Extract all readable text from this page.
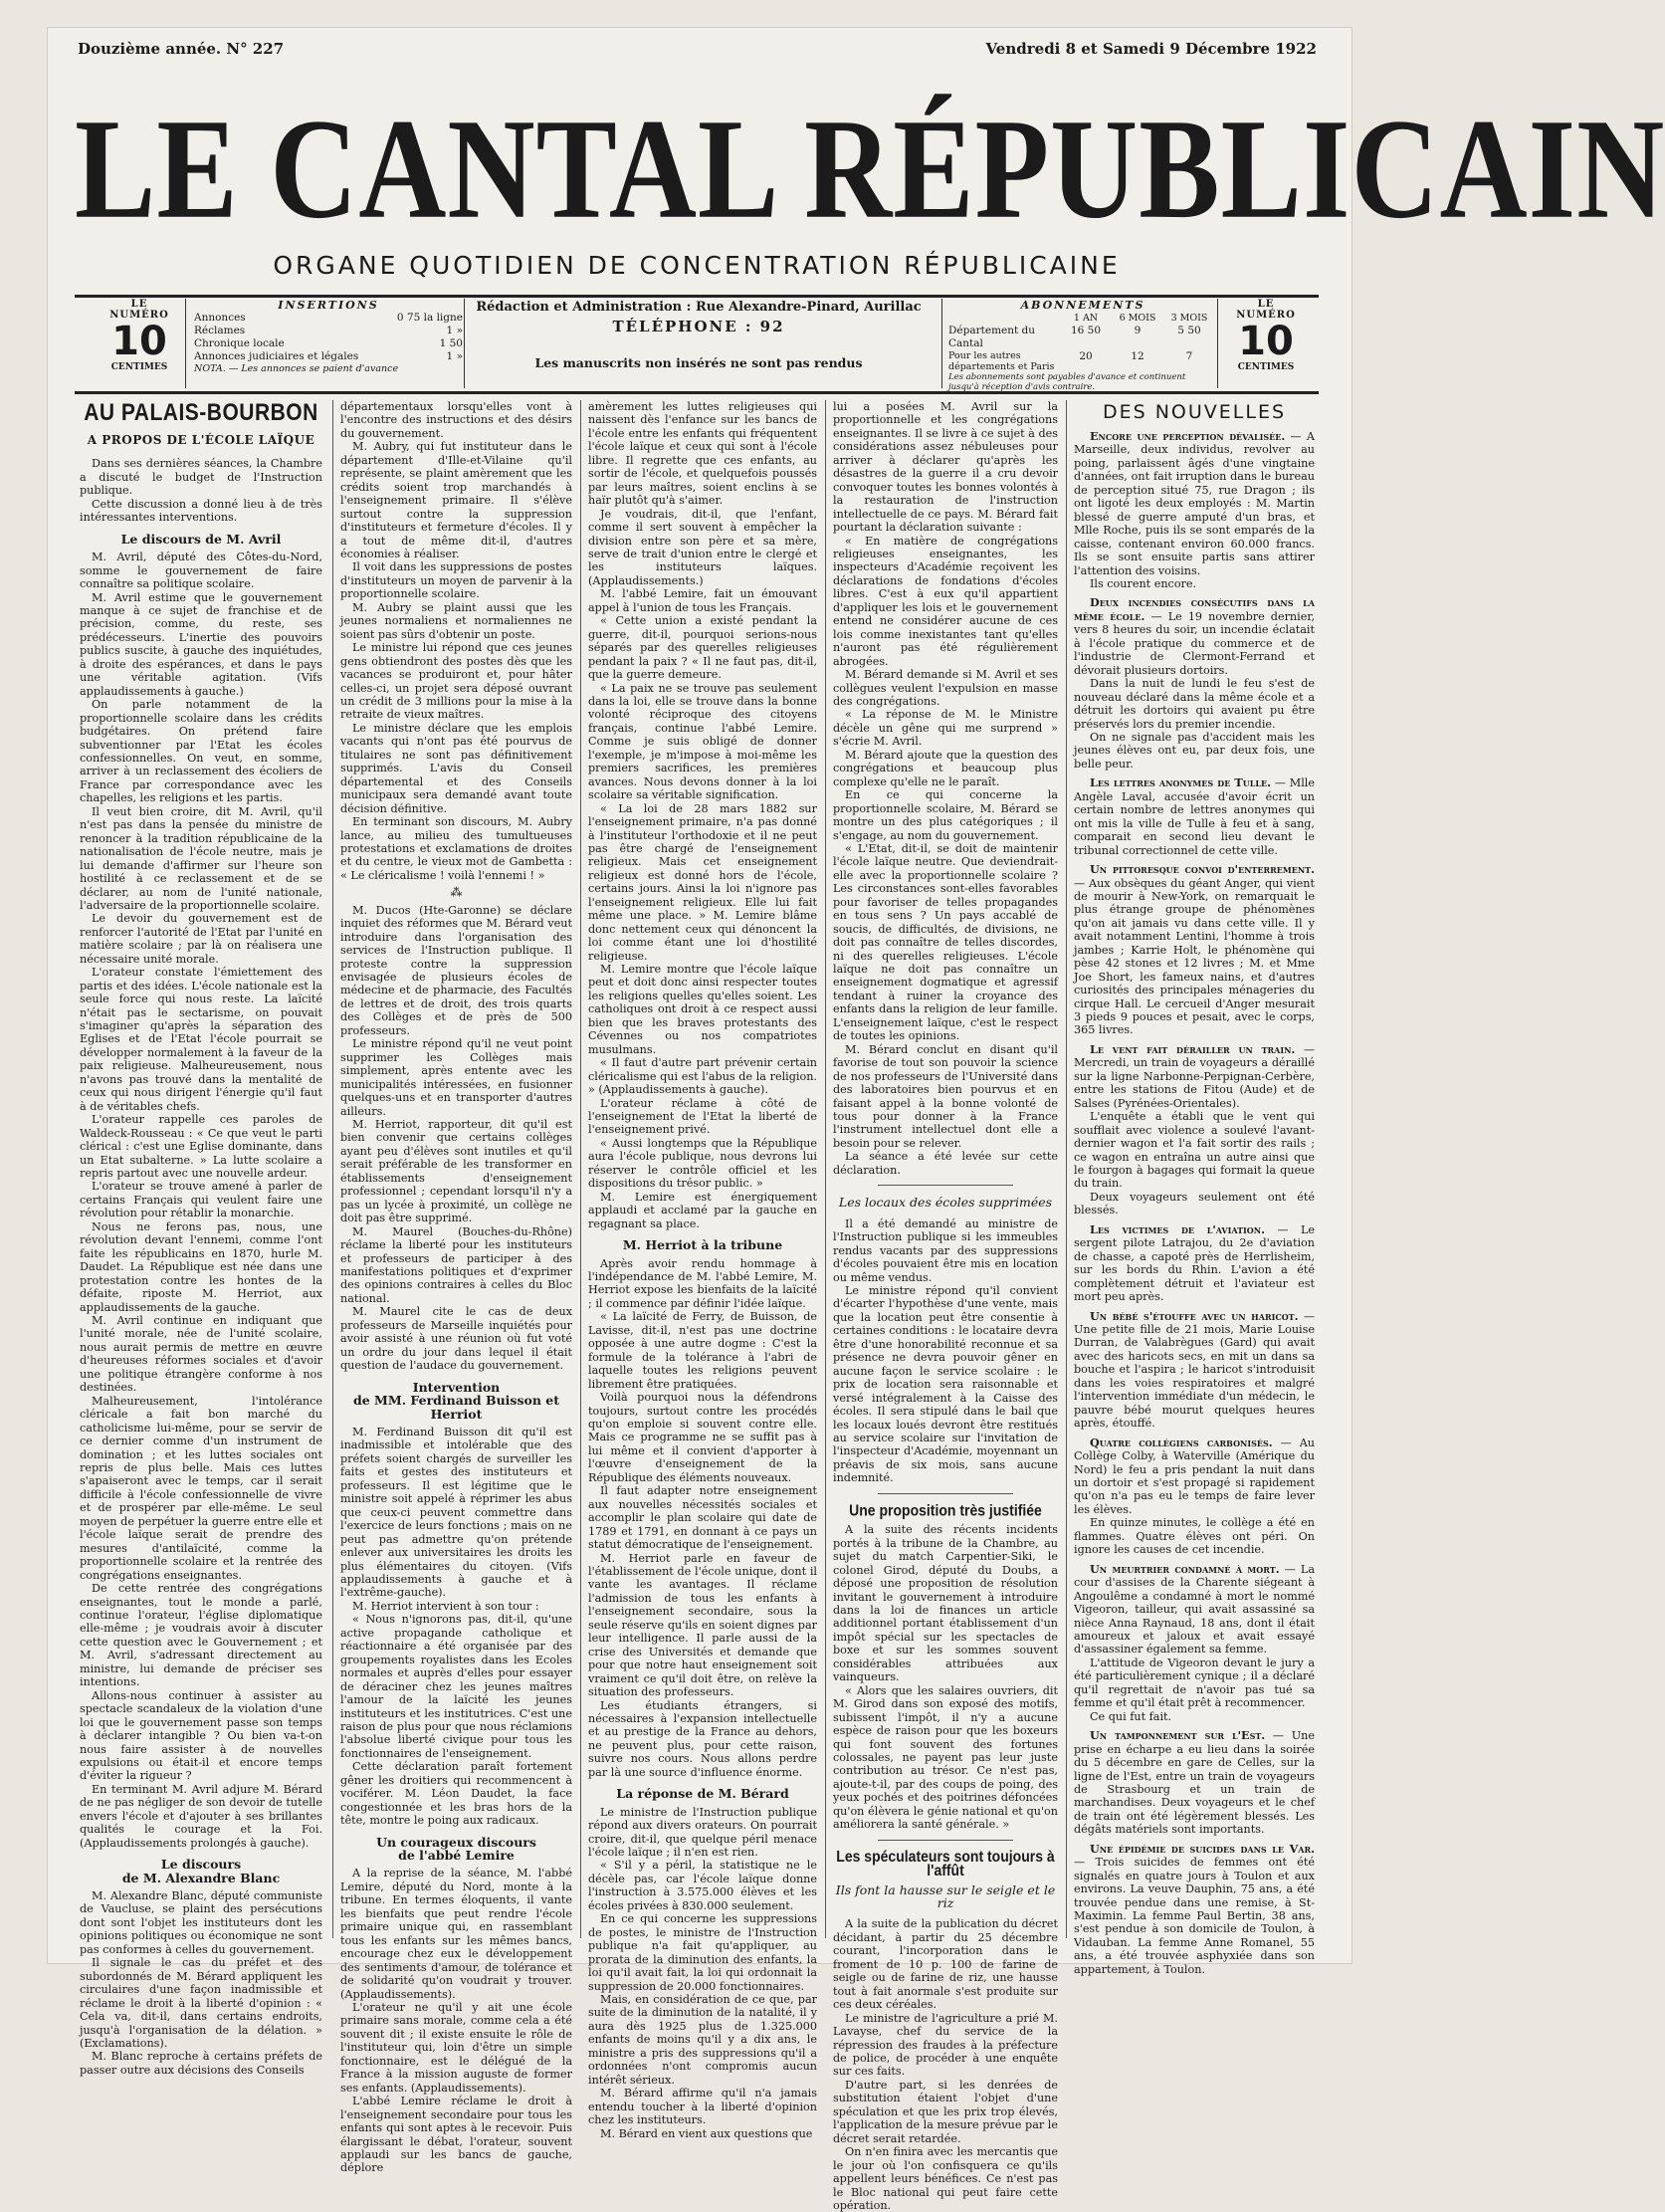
Douzième année. N° 227	Vendredi 8 et Samedi 9 Décembre 1922
LE CANTAL RÉPUBLICAIN
ORGANE QUOTIDIEN DE CONCENTRATION RÉPUBLICAINE
LE NUMÉRO
10
CENTIMES
INSERTIONS
Annonces	0 75 la ligne
Réclames	1 »
Chronique locale	1 50
Annonces judiciaires et légales	1 »
NOTA. — Les annonces se paient d'avance
Rédaction et Administration : Rue Alexandre-Pinard, Aurillac
TÉLÉPHONE : 92
Les manuscrits non insérés ne sont pas rendus
ABONNEMENTS
1 AN	6 MOIS	3 MOIS
Département du Cantal
16 50	9	5 50
Pour les autres départements et Paris
20	12	7
Les abonnements sont payables d'avance et continuent jusqu'à réception d'avis contraire.
LE NUMÉRO
10
CENTIMES
AU PALAIS-BOURBON
A PROPOS DE L'ÉCOLE LAÏQUE

Dans ses dernières séances, la Chambre a discuté le budget de l'Instruction publique.

Cette discussion a donné lieu à de très intéressantes interventions.

Le discours de M. Avril

M. Avril, député des Côtes-du-Nord, somme le gouvernement de faire connaître sa politique scolaire.

M. Avril estime que le gouvernement manque à ce sujet de franchise et de précision, comme, du reste, ses prédécesseurs. L'inertie des pouvoirs publics suscite, à gauche des inquiétudes, à droite des espérances, et dans le pays une véritable agitation. (Vifs applaudissements à gauche.)

On parle notamment de la proportionnelle scolaire dans les crédits budgétaires. On prétend faire subventionner par l'Etat les écoles confessionnelles. On veut, en somme, arriver à un reclassement des écoliers de France par correspondance avec les chapelles, les religions et les partis.

Il veut bien croire, dit M. Avril, qu'il n'est pas dans la pensée du ministre de renoncer à la tradition républicaine de la nationalisation de l'école neutre, mais je lui demande d'affirmer sur l'heure son hostilité à ce reclassement et de se déclarer, au nom de l'unité nationale, l'adversaire de la proportionnelle scolaire.

Le devoir du gouvernement est de renforcer l'autorité de l'Etat par l'unité en matière scolaire ; par là on réalisera une nécessaire unité morale.

L'orateur constate l'émiettement des partis et des idées. L'école nationale est la seule force qui nous reste. La laïcité n'était pas le sectarisme, on pouvait s'imaginer qu'après la séparation des Eglises et de l'Etat l'école pourrait se développer normalement à la faveur de la paix religieuse. Malheureusement, nous n'avons pas trouvé dans la mentalité de ceux qui nous dirigent l'énergie qu'il faut à de véritables chefs.

L'orateur rappelle ces paroles de Waldeck-Rousseau : « Ce que veut le parti clérical : c'est une Eglise dominante, dans un Etat subalterne. » La lutte scolaire a repris partout avec une nouvelle ardeur.

L'orateur se trouve amené à parler de certains Français qui veulent faire une révolution pour rétablir la monarchie.

Nous ne ferons pas, nous, une révolution devant l'ennemi, comme l'ont faite les républicains en 1870, hurle M. Daudet. La République est née dans une protestation contre les hontes de la défaite, riposte M. Herriot, aux applaudissements de la gauche.

M. Avril continue en indiquant que l'unité morale, née de l'unité scolaire, nous aurait permis de mettre en œuvre d'heureuses réformes sociales et d'avoir une politique étrangère conforme à nos destinées.

Malheureusement, l'intolérance cléricale a fait bon marché du catholicisme lui-même, pour se servir de ce dernier comme d'un instrument de domination ; et les luttes sociales ont repris de plus belle. Mais ces luttes s'apaiseront avec le temps, car il serait difficile à l'école confessionnelle de vivre et de prospérer par elle-même. Le seul moyen de perpétuer la guerre entre elle et l'école laïque serait de prendre des mesures d'antilaïcité, comme la proportionnelle scolaire et la rentrée des congrégations enseignantes.

De cette rentrée des congrégations enseignantes, tout le monde a parlé, continue l'orateur, l'église diplomatique elle-même ; je voudrais avoir à discuter cette question avec le Gouvernement ; et M. Avril, s'adressant directement au ministre, lui demande de préciser ses intentions.

Allons-nous continuer à assister au spectacle scandaleux de la violation d'une loi que le gouvernement passe son temps à déclarer intangible ? Ou bien va-t-on nous faire assister à de nouvelles expulsions ou était-il et encore temps d'éviter la rigueur ?

En terminant M. Avril adjure M. Bérard de ne pas négliger de son devoir de tutelle envers l'école et d'ajouter à ses brillantes qualités le courage et la Foi. (Applaudissements prolongés à gauche).

Le discours
de M. Alexandre Blanc

M. Alexandre Blanc, député communiste de Vaucluse, se plaint des persécutions dont sont l'objet les instituteurs dont les opinions politiques ou économique ne sont pas conformes à celles du gouvernement.

Il signale le cas du préfet et des subordonnés de M. Bérard appliquent les circulaires d'une façon inadmissible et réclame le droit à la liberté d'opinion : « Cela va, dit-il, dans certains endroits, jusqu'à l'organisation de la délation. » (Exclamations).

M. Blanc reproche à certains préfets de passer outre aux décisions des Conseils

départementaux lorsqu'elles vont à l'encontre des instructions et des désirs du gouvernement.

M. Aubry, qui fut instituteur dans le département d'Ille-et-Vilaine qu'il représente, se plaint amèrement que les crédits soient trop marchandés à l'enseignement primaire. Il s'élève surtout contre la suppression d'instituteurs et fermeture d'écoles. Il y a tout de même dit-il, d'autres économies à réaliser.

Il voit dans les suppressions de postes d'instituteurs un moyen de parvenir à la proportionnelle scolaire.

M. Aubry se plaint aussi que les jeunes normaliens et normaliennes ne soient pas sûrs d'obtenir un poste.

Le ministre lui répond que ces jeunes gens obtiendront des postes dès que les vacances se produiront et, pour hâter celles-ci, un projet sera déposé ouvrant un crédit de 3 millions pour la mise à la retraite de vieux maîtres.

Le ministre déclare que les emplois vacants qui n'ont pas été pourvus de titulaires ne sont pas définitivement supprimés. L'avis du Conseil départemental et des Conseils municipaux sera demandé avant toute décision définitive.

En terminant son discours, M. Aubry lance, au milieu des tumultueuses protestations et exclamations de droites et du centre, le vieux mot de Gambetta : « Le cléricalisme ! voilà l'ennemi ! »

⁂

M. Ducos (Hte-Garonne) se déclare inquiet des réformes que M. Bérard veut introduire dans l'organisation des services de l'Instruction publique. Il proteste contre la suppression envisagée de plusieurs écoles de médecine et de pharmacie, des Facultés de lettres et de droit, des trois quarts des Collèges et de près de 500 professeurs.

Le ministre répond qu'il ne veut point supprimer les Collèges mais simplement, après entente avec les municipalités intéressées, en fusionner quelques-uns et en transporter d'autres ailleurs.

M. Herriot, rapporteur, dit qu'il est bien convenir que certains collèges ayant peu d'élèves sont inutiles et qu'il serait préférable de les transformer en établissements d'enseignement professionnel ; cependant lorsqu'il n'y a pas un lycée à proximité, un collège ne doit pas être supprimé.

M. Maurel (Bouches-du-Rhône) réclame la liberté pour les instituteurs et professeurs de participer à des manifestations politiques et d'exprimer des opinions contraires à celles du Bloc national.

M. Maurel cite le cas de deux professeurs de Marseille inquiétés pour avoir assisté à une réunion où fut voté un ordre du jour dans lequel il était question de l'audace du gouvernement.

Intervention
de MM. Ferdinand Buisson et Herriot

M. Ferdinand Buisson dit qu'il est inadmissible et intolérable que des préfets soient chargés de surveiller les faits et gestes des instituteurs et professeurs. Il est légitime que le ministre soit appelé à réprimer les abus que ceux-ci peuvent commettre dans l'exercice de leurs fonctions ; mais on ne peut pas admettre qu'on prétende enlever aux universitaires les droits les plus élémentaires du citoyen. (Vifs applaudissements à gauche et à l'extrême-gauche).

M. Herriot intervient à son tour :

« Nous n'ignorons pas, dit-il, qu'une active propagande catholique et réactionnaire a été organisée par des groupements royalistes dans les Ecoles normales et auprès d'elles pour essayer de déraciner chez les jeunes maîtres l'amour de la laïcité les jeunes instituteurs et les institutrices. C'est une raison de plus pour que nous réclamions l'absolue liberté civique pour tous les fonctionnaires de l'enseignement.

Cette déclaration paraît fortement gêner les droitiers qui recommencent à vociférer. M. Léon Daudet, la face congestionnée et les bras hors de la tête, montre le poing aux radicaux.

Un courageux discours
de l'abbé Lemire

A la reprise de la séance, M. l'abbé Lemire, député du Nord, monte à la tribune. En termes éloquents, il vante les bienfaits que peut rendre l'école primaire unique qui, en rassemblant tous les enfants sur les mêmes bancs, encourage chez eux le développement des sentiments d'amour, de tolérance et de solidarité qu'on voudrait y trouver. (Applaudissements).

L'orateur ne qu'il y ait une école primaire sans morale, comme cela a été souvent dit ; il existe ensuite le rôle de l'instituteur qui, loin d'être un simple fonctionnaire, est le délégué de la France à la mission auguste de former ses enfants. (Applaudissements).

L'abbé Lemire réclame le droit à l'enseignement secondaire pour tous les enfants qui sont aptes à le recevoir. Puis élargissant le débat, l'orateur, souvent applaudi sur les bancs de gauche, déplore

amèrement les luttes religieuses qui naissent dès l'enfance sur les bancs de l'école entre les enfants qui fréquentent l'école laïque et ceux qui sont à l'école libre. Il regrette que ces enfants, au sortir de l'école, et quelquefois poussés par leurs maîtres, soient enclins à se haïr plutôt qu'à s'aimer.

Je voudrais, dit-il, que l'enfant, comme il sert souvent à empêcher la division entre son père et sa mère, serve de trait d'union entre le clergé et les instituteurs laïques. (Applaudissements.)

M. l'abbé Lemire, fait un émouvant appel à l'union de tous les Français.

« Cette union a existé pendant la guerre, dit-il, pourquoi serions-nous séparés par des querelles religieuses pendant la paix ? « Il ne faut pas, dit-il, que la guerre demeure.

« La paix ne se trouve pas seulement dans la loi, elle se trouve dans la bonne volonté réciproque des citoyens français, continue l'abbé Lemire. Comme je suis obligé de donner l'exemple, je m'impose à moi-même les premiers sacrifices, les premières avances. Nous devons donner à la loi scolaire sa véritable signification.

« La loi de 28 mars 1882 sur l'enseignement primaire, n'a pas donné à l'instituteur l'orthodoxie et il ne peut pas être chargé de l'enseignement religieux. Mais cet enseignement religieux est donné hors de l'école, certains jours. Ainsi la loi n'ignore pas l'enseignement religieux. Elle lui fait même une place. » M. Lemire blâme donc nettement ceux qui dénoncent la loi comme étant une loi d'hostilité religieuse.

M. Lemire montre que l'école laïque peut et doit donc ainsi respecter toutes les religions quelles qu'elles soient. Les catholiques ont droit à ce respect aussi bien que les braves protestants des Cévennes ou nos compatriotes musulmans.

« Il faut d'autre part prévenir certain cléricalisme qui est l'abus de la religion. » (Applaudissements à gauche).

L'orateur réclame à côté de l'enseignement de l'Etat la liberté de l'enseignement privé.

« Aussi longtemps que la République aura l'école publique, nous devrons lui réserver le contrôle officiel et les dispositions du trésor public. »

M. Lemire est énergiquement applaudi et acclamé par la gauche en regagnant sa place.

M. Herriot à la tribune

Après avoir rendu hommage à l'indépendance de M. l'abbé Lemire, M. Herriot expose les bienfaits de la laïcité ; il commence par définir l'idée laïque.

« La laïcité de Ferry, de Buisson, de Lavisse, dit-il, n'est pas une doctrine opposée à une autre dogme : C'est la formule de la tolérance à l'abri de laquelle toutes les religions peuvent librement être pratiquées.

Voilà pourquoi nous la défendrons toujours, surtout contre les procédés qu'on emploie si souvent contre elle. Mais ce programme ne se suffit pas à lui même et il convient d'apporter à l'œuvre d'enseignement de la République des éléments nouveaux.

Il faut adapter notre enseignement aux nouvelles nécessités sociales et accomplir le plan scolaire qui date de 1789 et 1791, en donnant à ce pays un statut démocratique de l'enseignement.

M. Herriot parle en faveur de l'établissement de l'école unique, dont il vante les avantages. Il réclame l'admission de tous les enfants à l'enseignement secondaire, sous la seule réserve qu'ils en soient dignes par leur intelligence. Il parle aussi de la crise des Universités et demande que pour que notre haut enseignement soit vraiment ce qu'il doit être, on relève la situation des professeurs.

Les étudiants étrangers, si nécessaires à l'expansion intellectuelle et au prestige de la France au dehors, ne peuvent plus, pour cette raison, suivre nos cours. Nous allons perdre par là une source d'influence énorme.

La réponse de M. Bérard

Le ministre de l'Instruction publique répond aux divers orateurs. On pourrait croire, dit-il, que quelque péril menace l'école laïque ; il n'en est rien.

« S'il y a péril, la statistique ne le décèle pas, car l'école laïque donne l'instruction à 3.575.000 élèves et les écoles privées à 830.000 seulement.

En ce qui concerne les suppressions de postes, le ministre de l'Instruction publique n'a fait qu'appliquer, au prorata de la diminution des enfants, la loi qu'il avait fait, la loi qui ordonnait la suppression de 20.000 fonctionnaires.

Mais, en considération de ce que, par suite de la diminution de la natalité, il y aura dès 1925 plus de 1.325.000 enfants de moins qu'il y a dix ans, le ministre a pris des suppressions qu'il a ordonnées n'ont compromis aucun intérêt sérieux.

M. Bérard affirme qu'il n'a jamais entendu toucher à la liberté d'opinion chez les instituteurs.

M. Bérard en vient aux questions que

lui a posées M. Avril sur la proportionnelle et les congrégations enseignantes. Il se livre à ce sujet à des considérations assez nébuleuses pour arriver à déclarer qu'après les désastres de la guerre il a cru devoir convoquer toutes les bonnes volontés à la restauration de l'instruction intellectuelle de ce pays. M. Bérard fait pourtant la déclaration suivante :

« En matière de congrégations religieuses enseignantes, les inspecteurs d'Académie reçoivent les déclarations de fondations d'écoles libres. C'est à eux qu'il appartient d'appliquer les lois et le gouvernement entend ne considérer aucune de ces lois comme inexistantes tant qu'elles n'auront pas été régulièrement abrogées.

M. Bérard demande si M. Avril et ses collègues veulent l'expulsion en masse des congrégations.

« La réponse de M. le Ministre décèle un gêne qui me surprend » s'écrie M. Avril.

M. Bérard ajoute que la question des congrégations et beaucoup plus complexe qu'elle ne le paraît.

En ce qui concerne la proportionnelle scolaire, M. Bérard se montre un des plus catégoriques ; il s'engage, au nom du gouvernement.

« L'Etat, dit-il, se doit de maintenir l'école laïque neutre. Que deviendrait-elle avec la proportionnelle scolaire ? Les circonstances sont-elles favorables pour favoriser de telles propagandes en tous sens ? Un pays accablé de soucis, de difficultés, de divisions, ne doit pas connaître de telles discordes, ni des querelles religieuses. L'école laïque ne doit pas connaître un enseignement dogmatique et agressif tendant à ruiner la croyance des enfants dans la religion de leur famille. L'enseignement laïque, c'est le respect de toutes les opinions.

M. Bérard conclut en disant qu'il favorise de tout son pouvoir la science de nos professeurs de l'Université dans des laboratoires bien pourvus et en faisant appel à la bonne volonté de tous pour donner à la France l'instrument intellectuel dont elle a besoin pour se relever.

La séance a été levée sur cette déclaration.

Les locaux des écoles supprimées

Il a été demandé au ministre de l'Instruction publique si les immeubles rendus vacants par des suppressions d'écoles pouvaient être mis en location ou même vendus.

Le ministre répond qu'il convient d'écarter l'hypothèse d'une vente, mais que la location peut être consentie à certaines conditions : le locataire devra être d'une honorabilité reconnue et sa présence ne devra pouvoir gêner en aucune façon le service scolaire : le prix de location sera raisonnable et versé intégralement à la Caisse des écoles. Il sera stipulé dans le bail que les locaux loués devront être restitués au service scolaire sur l'invitation de l'inspecteur d'Académie, moyennant un préavis de six mois, sans aucune indemnité.

Une proposition très justifiée

A la suite des récents incidents portés à la tribune de la Chambre, au sujet du match Carpentier-Siki, le colonel Girod, député du Doubs, a déposé une proposition de résolution invitant le gouvernement à introduire dans la loi de finances un article additionnel portant établissement d'un impôt spécial sur les spectacles de boxe et sur les sommes souvent considérables attribuées aux vainqueurs.

« Alors que les salaires ouvriers, dit M. Girod dans son exposé des motifs, subissent l'impôt, il n'y a aucune espèce de raison pour que les boxeurs qui font souvent des fortunes colossales, ne payent pas leur juste contribution au trésor. Ce n'est pas, ajoute-t-il, par des coups de poing, des yeux pochés et des poitrines défoncées qu'on élèvera le génie national et qu'on améliorera la santé générale. »

Les spéculateurs sont toujours à l'affût
Ils font la hausse sur le seigle et le riz

A la suite de la publication du décret décidant, à partir du 25 décembre courant, l'incorporation dans le froment de 10 p. 100 de farine de seigle ou de farine de riz, une hausse tout à fait anormale s'est produite sur ces deux céréales.

Le ministre de l'agriculture a prié M. Lavayse, chef du service de la répression des fraudes à la préfecture de police, de procéder à une enquête sur ces faits.

D'autre part, si les denrées de substitution étaient l'objet d'une spéculation et que les prix trop élevés, l'application de la mesure prévue par le décret serait retardée.

On n'en finira avec les mercantis que le jour où l'on confisquera ce qu'ils appellent leurs bénéfices. Ce n'est pas le Bloc national qui peut faire cette opération.

DES NOUVELLES

Encore une perception dévalisée. — A Marseille, deux individus, revolver au poing, parlaissent âgés d'une vingtaine d'années, ont fait irruption dans le bureau de perception situé 75, rue Dragon ; ils ont ligoté les deux employés : M. Martin blessé de guerre amputé d'un bras, et Mlle Roche, puis ils se sont emparés de la caisse, contenant environ 60.000 francs. Ils se sont ensuite partis sans attirer l'attention des voisins.

Ils courent encore.

Deux incendies consécutifs dans la même école. — Le 19 novembre dernier, vers 8 heures du soir, un incendie éclatait à l'école pratique du commerce et de l'industrie de Clermont-Ferrand et dévorait plusieurs dortoirs.

Dans la nuit de lundi le feu s'est de nouveau déclaré dans la même école et a détruit les dortoirs qui avaient pu être préservés lors du premier incendie.

On ne signale pas d'accident mais les jeunes élèves ont eu, par deux fois, une belle peur.

Les lettres anonymes de Tulle. — Mlle Angèle Laval, accusée d'avoir écrit un certain nombre de lettres anonymes qui ont mis la ville de Tulle à feu et à sang, comparait en second lieu devant le tribunal correctionnel de cette ville.

Un pittoresque convoi d'enterrement. — Aux obsèques du géant Anger, qui vient de mourir à New-York, on remarquait le plus étrange groupe de phénomènes qu'on ait jamais vu dans cette ville. Il y avait notamment Lentini, l'homme à trois jambes ; Karrie Holt, le phénomène qui pèse 42 stones et 12 livres ; M. et Mme Joe Short, les fameux nains, et d'autres curiosités des principales ménageries du cirque Hall. Le cercueil d'Anger mesurait 3 pieds 9 pouces et pesait, avec le corps, 365 livres.

Le vent fait dérailler un train. — Mercredi, un train de voyageurs a déraillé sur la ligne Narbonne-Perpignan-Cerbère, entre les stations de Fitou (Aude) et de Salses (Pyrénées-Orientales).

L'enquête a établi que le vent qui soufflait avec violence a soulevé l'avant-dernier wagon et l'a fait sortir des rails ; ce wagon en entraîna un autre ainsi que le fourgon à bagages qui formait la queue du train.

Deux voyageurs seulement ont été blessés.

Les victimes de l'aviation. — Le sergent pilote Latrajou, du 2e d'aviation de chasse, a capoté près de Herrlisheim, sur les bords du Rhin. L'avion a été complètement détruit et l'aviateur est mort peu après.

Un bébé s'étouffe avec un haricot. — Une petite fille de 21 mois, Marie Louise Durran, de Valabrègues (Gard) qui avait avec des haricots secs, en mit un dans sa bouche et l'aspira ; le haricot s'introduisit dans les voies respiratoires et malgré l'intervention immédiate d'un médecin, le pauvre bébé mourut quelques heures après, étouffé.

Quatre collégiens carbonisés. — Au Collège Colby, à Waterville (Amérique du Nord) le feu a pris pendant la nuit dans un dortoir et s'est propagé si rapidement qu'on n'a pas eu le temps de faire lever les élèves.

En quinze minutes, le collège a été en flammes. Quatre élèves ont péri. On ignore les causes de cet incendie.

Un meurtrier condamné à mort. — La cour d'assises de la Charente siégeant à Angoulême a condamné à mort le nommé Vigeoron, tailleur, qui avait assassiné sa nièce Anna Raynaud, 18 ans, dont il était amoureux et jaloux et avait essayé d'assassiner également sa femme.

L'attitude de Vigeoron devant le jury a été particulièrement cynique ; il a déclaré qu'il regrettait de n'avoir pas tué sa femme et qu'il était prêt à recommencer.

Ce qui fut fait.

Un tamponnement sur l'Est. — Une prise en écharpe a eu lieu dans la soirée du 5 décembre en gare de Celles, sur la ligne de l'Est, entre un train de voyageurs de Strasbourg et un train de marchandises. Deux voyageurs et le chef de train ont été légèrement blessés. Les dégâts matériels sont importants.

Une épidémie de suicides dans le Var. — Trois suicides de femmes ont été signalés en quatre jours à Toulon et aux environs. La veuve Dauphin, 75 ans, a été trouvée pendue dans une remise, à St-Maximin. La femme Paul Bertin, 38 ans, s'est pendue à son domicile de Toulon, à Vidauban. La femme Anne Romanel, 55 ans, a été trouvée asphyxiée dans son appartement, à Toulon.
